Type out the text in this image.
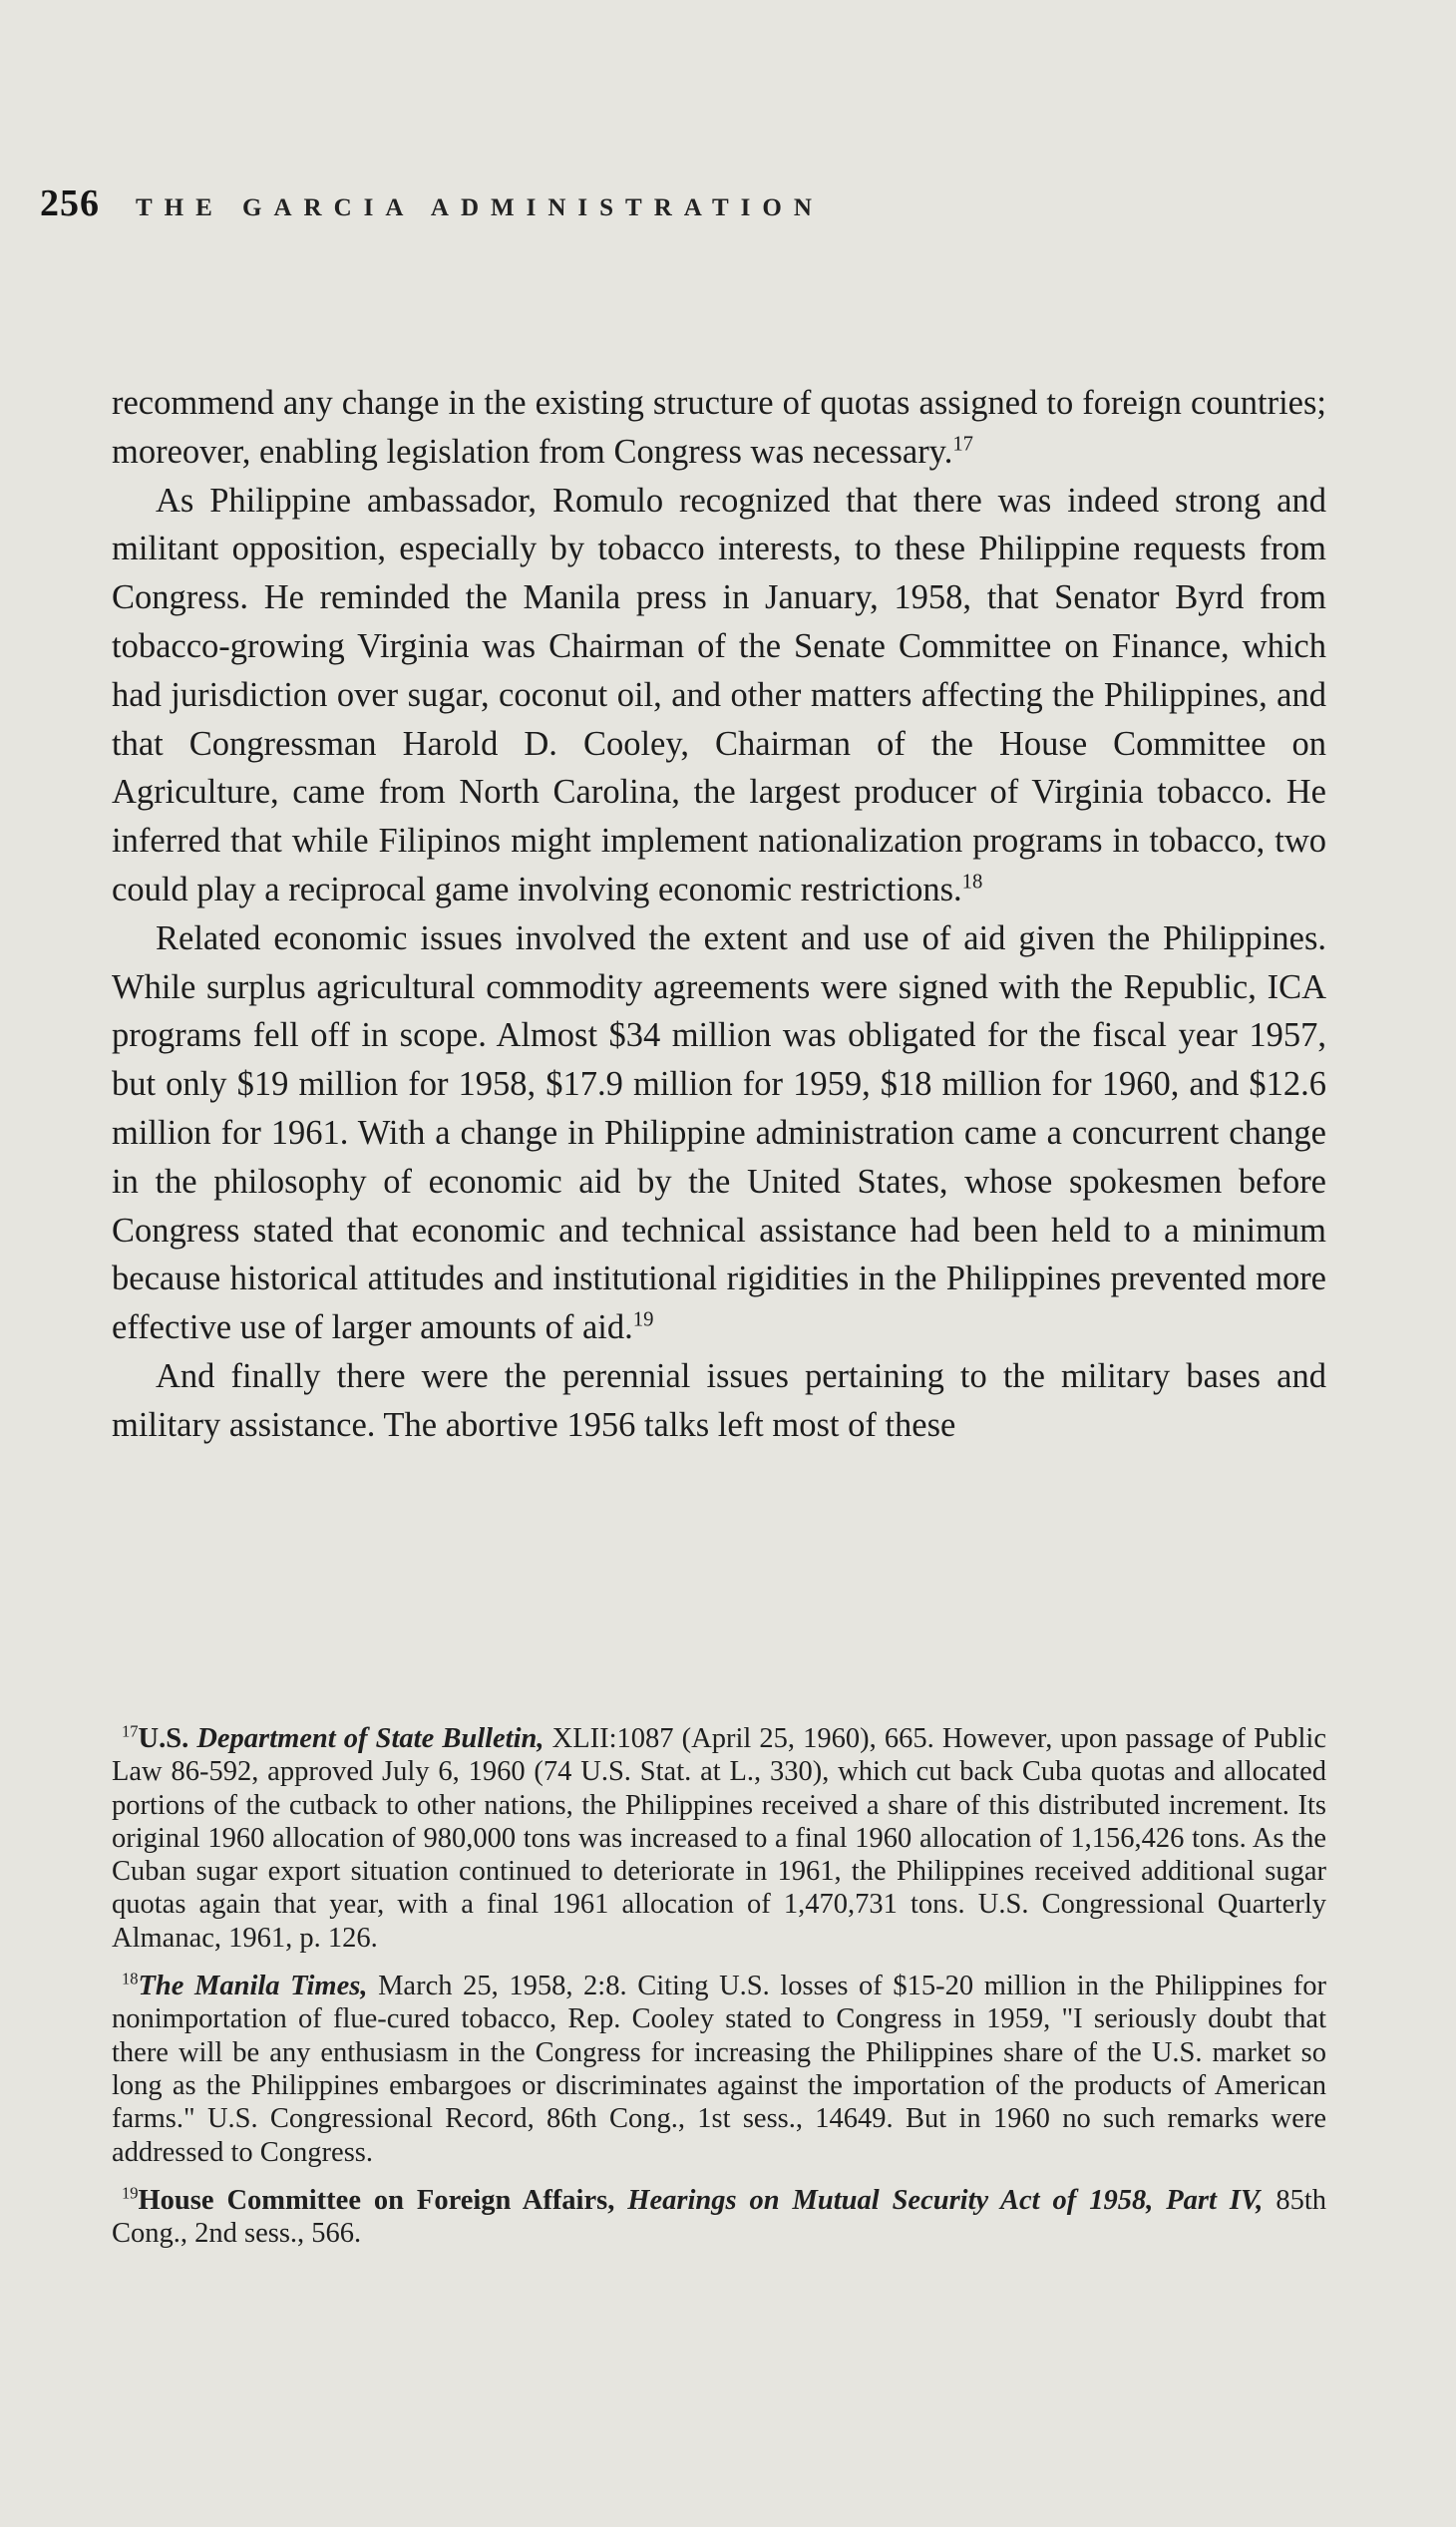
256 THE GARCIA ADMINISTRATION

recommend any change in the existing structure of quotas assigned to foreign countries; moreover, enabling legislation from Congress was necessary.$^{17}$

As Philippine ambassador, Romulo recognized that there was indeed strong and militant opposition, especially by tobacco interests, to these Philippine requests from Congress. He reminded the Manila press in January, 1958, that Senator Byrd from tobacco-growing Virginia was Chairman of the Senate Committee on Finance, which had jurisdiction over sugar, coconut oil, and other matters affecting the Philippines, and that Congressman Harold D. Cooley, Chairman of the House Committee on Agriculture, came from North Carolina, the largest producer of Virginia tobacco. He inferred that while Filipinos might implement nationalization programs in tobacco, two could play a reciprocal game involving economic restrictions.$^{18}$

Related economic issues involved the extent and use of aid given the Philippines. While surplus agricultural commodity agreements were signed with the Republic, ICA programs fell off in scope. Almost $34 million was obligated for the fiscal year 1957, but only $19 million for 1958, $17.9 million for 1959, $18 million for 1960, and $12.6 million for 1961. With a change in Philippine administration came a concurrent change in the philosophy of economic aid by the United States, whose spokesmen before Congress stated that economic and technical assistance had been held to a minimum because historical attitudes and institutional rigidities in the Philippines prevented more effective use of larger amounts of aid.$^{19}$

And finally there were the perennial issues pertaining to the military bases and military assistance. The abortive 1956 talks left most of these

$^{17}$U.S. Department of State Bulletin, XLII:1087 (April 25, 1960), 665. However, upon passage of Public Law 86-592, approved July 6, 1960 (74 U.S. Stat. at L., 330), which cut back Cuba quotas and allocated portions of the cutback to other nations, the Philippines received a share of this distributed increment. Its original 1960 allocation of 980,000 tons was increased to a final 1960 allocation of 1,156,426 tons. As the Cuban sugar export situation continued to deteriorate in 1961, the Philippines received additional sugar quotas again that year, with a final 1961 allocation of 1,470,731 tons. U.S. Congressional Quarterly Almanac, 1961, p. 126.

$^{18}$The Manila Times, March 25, 1958, 2:8. Citing U.S. losses of $15-20 million in the Philippines for nonimportation of flue-cured tobacco, Rep. Cooley stated to Congress in 1959, "I seriously doubt that there will be any enthusiasm in the Congress for increasing the Philippines share of the U.S. market so long as the Philippines embargoes or discriminates against the importation of the products of American farms." U.S. Congressional Record, 86th Cong., 1st sess., 14649. But in 1960 no such remarks were addressed to Congress.

$^{19}$House Committee on Foreign Affairs, Hearings on Mutual Security Act of 1958, Part IV, 85th Cong., 2nd sess., 566.
